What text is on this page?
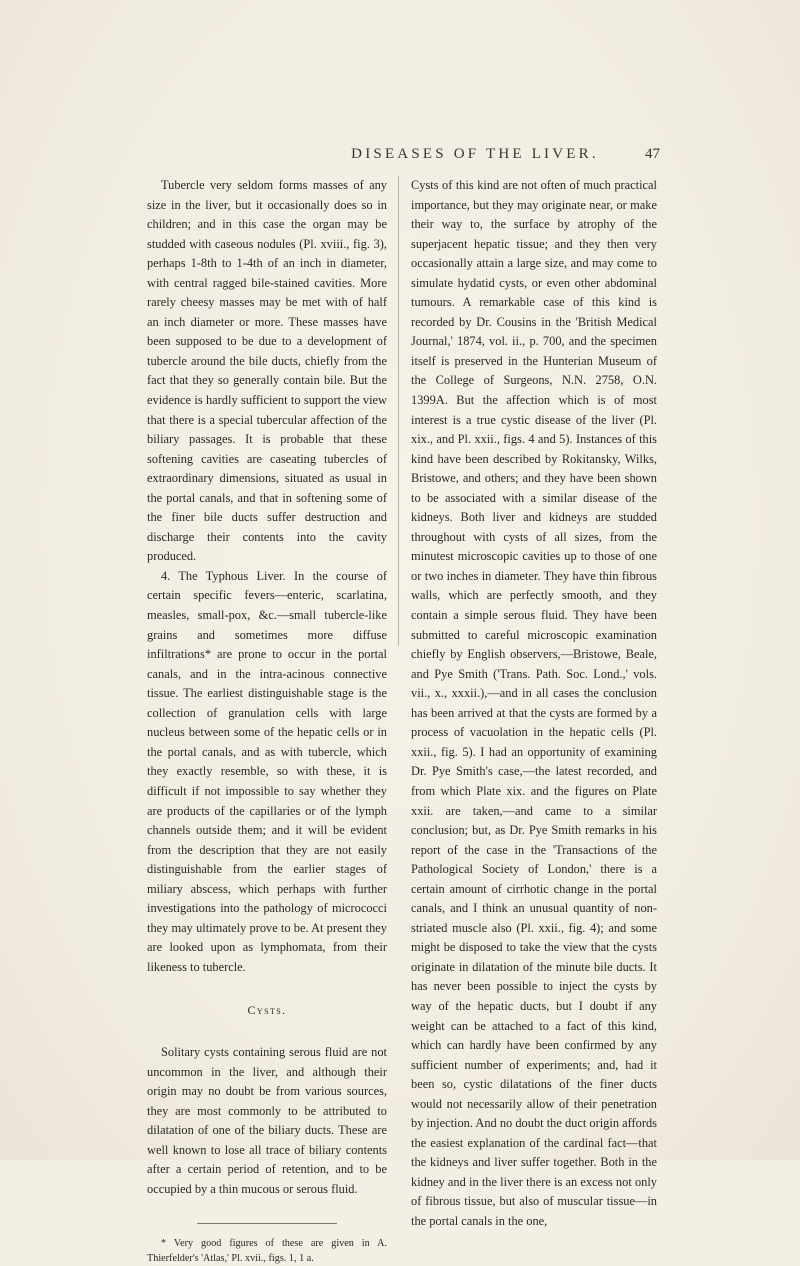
DISEASES OF THE LIVER.	47

Tubercle very seldom forms masses of any size in the liver, but it occasionally does so in children; and in this case the organ may be studded with caseous nodules (Pl. xviii., fig. 3), perhaps 1-8th to 1-4th of an inch in diameter, with central ragged bile-stained cavities. More rarely cheesy masses may be met with of half an inch diameter or more. These masses have been supposed to be due to a development of tubercle around the bile ducts, chiefly from the fact that they so generally contain bile. But the evidence is hardly sufficient to support the view that there is a special tubercular affection of the biliary passages. It is probable that these softening cavities are caseating tubercles of extraordinary dimensions, situated as usual in the portal canals, and that in softening some of the finer bile ducts suffer destruction and discharge their contents into the cavity produced.

4. The Typhous Liver. In the course of certain specific fevers—enteric, scarlatina, measles, small-pox, &c.—small tubercle-like grains and sometimes more diffuse infiltrations* are prone to occur in the portal canals, and in the intra-acinous connective tissue. The earliest distinguishable stage is the collection of granulation cells with large nucleus between some of the hepatic cells or in the portal canals, and as with tubercle, which they exactly resemble, so with these, it is difficult if not impossible to say whether they are products of the capillaries or of the lymph channels outside them; and it will be evident from the description that they are not easily distinguishable from the earlier stages of miliary abscess, which perhaps with further investigations into the pathology of micrococci they may ultimately prove to be. At present they are looked upon as lymphomata, from their likeness to tubercle.

Cysts.

Solitary cysts containing serous fluid are not uncommon in the liver, and although their origin may no doubt be from various sources, they are most commonly to be attributed to dilatation of one of the biliary ducts. These are well known to lose all trace of biliary contents after a certain period of retention, and to be occupied by a thin mucous or serous fluid.

* Very good figures of these are given in A. Thierfelder's 'Atlas,' Pl. xvii., figs. 1, 1 a.

Cysts of this kind are not often of much practical importance, but they may originate near, or make their way to, the surface by atrophy of the superjacent hepatic tissue; and they then very occasionally attain a large size, and may come to simulate hydatid cysts, or even other abdominal tumours. A remarkable case of this kind is recorded by Dr. Cousins in the 'British Medical Journal,' 1874, vol. ii., p. 700, and the specimen itself is preserved in the Hunterian Museum of the College of Surgeons, N.N. 2758, O.N. 1399A. But the affection which is of most interest is a true cystic disease of the liver (Pl. xix., and Pl. xxii., figs. 4 and 5). Instances of this kind have been described by Rokitansky, Wilks, Bristowe, and others; and they have been shown to be associated with a similar disease of the kidneys. Both liver and kidneys are studded throughout with cysts of all sizes, from the minutest microscopic cavities up to those of one or two inches in diameter. They have thin fibrous walls, which are perfectly smooth, and they contain a simple serous fluid. They have been submitted to careful microscopic examination chiefly by English observers,—Bristowe, Beale, and Pye Smith ('Trans. Path. Soc. Lond.,' vols. vii., x., xxxii.),—and in all cases the conclusion has been arrived at that the cysts are formed by a process of vacuolation in the hepatic cells (Pl. xxii., fig. 5). I had an opportunity of examining Dr. Pye Smith's case,—the latest recorded, and from which Plate xix. and the figures on Plate xxii. are taken,—and came to a similar conclusion; but, as Dr. Pye Smith remarks in his report of the case in the 'Transactions of the Pathological Society of London,' there is a certain amount of cirrhotic change in the portal canals, and I think an unusual quantity of non-striated muscle also (Pl. xxii., fig. 4); and some might be disposed to take the view that the cysts originate in dilatation of the minute bile ducts. It has never been possible to inject the cysts by way of the hepatic ducts, but I doubt if any weight can be attached to a fact of this kind, which can hardly have been confirmed by any sufficient number of experiments; and, had it been so, cystic dilatations of the finer ducts would not necessarily allow of their penetration by injection. And no doubt the duct origin affords the easiest explanation of the cardinal fact—that the kidneys and liver suffer together. Both in the kidney and in the liver there is an excess not only of fibrous tissue, but also of muscular tissue—in the portal canals in the one,
